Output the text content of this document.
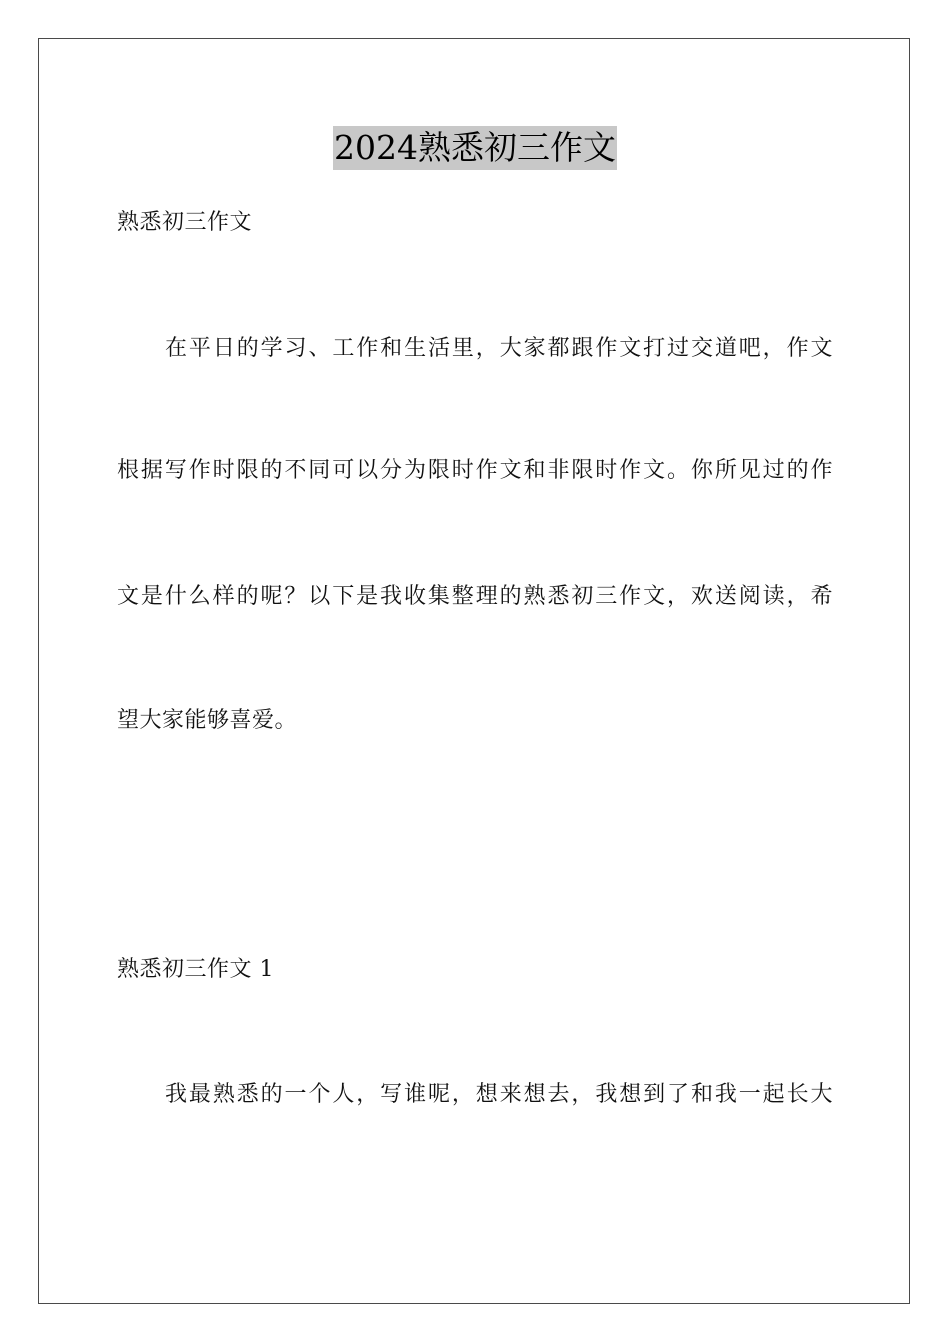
2024熟悉初三作文
熟悉初三作文
在平日的学习、工作和生活里，大家都跟作文打过交道吧，作文
根据写作时限的不同可以分为限时作文和非限时作文。你所见过的作
文是什么样的呢？以下是我收集整理的熟悉初三作文，欢送阅读，希
望大家能够喜爱。
熟悉初三作文 1
我最熟悉的一个人，写谁呢，想来想去，我想到了和我一起长大
